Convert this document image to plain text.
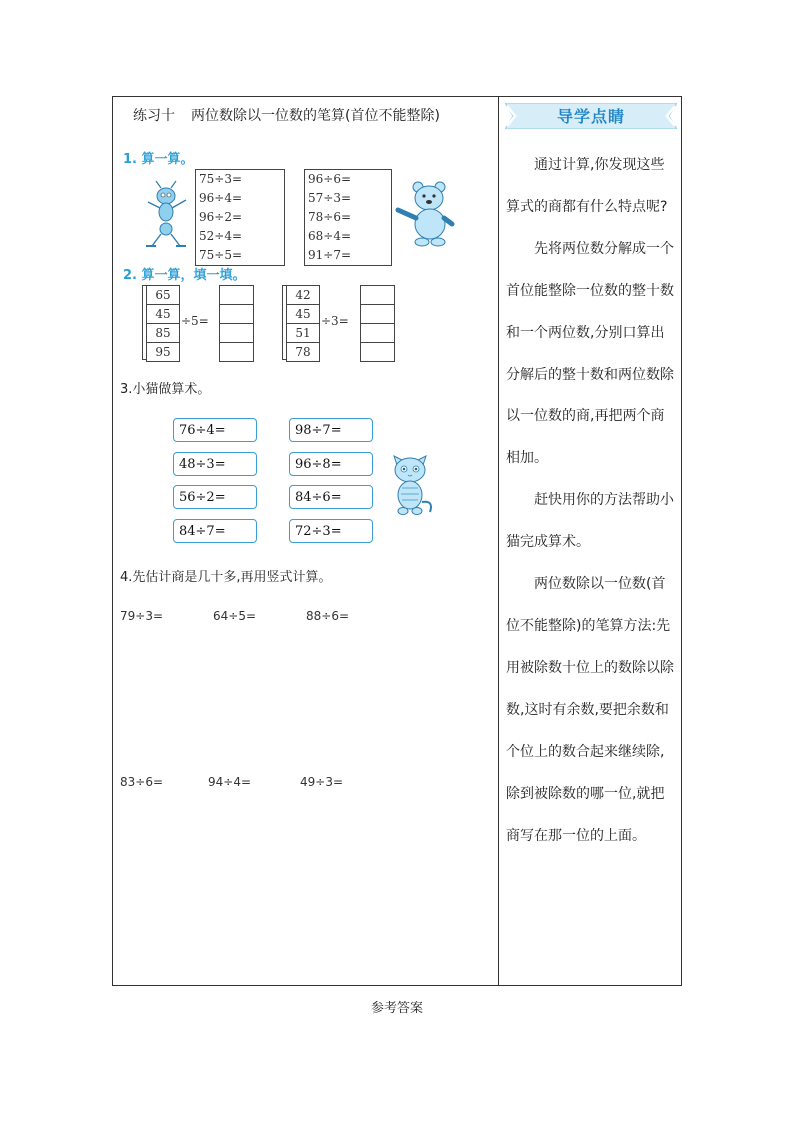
练习十 两位数除以一位数的笔算(首位不能整除)
1. 算一算。
75÷3=
96÷4=
96÷2=
52÷4=
75÷5=
96÷6=
57÷3=
78÷6=
68÷4=
91÷7=
2. 算一算，填一填。
65
45
85
95
÷5=
42
45
51
78
÷3=
3.小猫做算术。
76÷4=	98÷7=
48÷3=	96÷8=
56÷2=	84÷6=
84÷7=	72÷3=
4.先估计商是几十多,再用竖式计算。
79÷3=	64÷5=	88÷6=
83÷6=	94÷4=	49÷3=
导学点睛

通过计算,你发现这些算式的商都有什么特点呢?

先将两位数分解成一个首位能整除一位数的整十数和一个两位数,分别口算出分解后的整十数和两位数除以一位数的商,再把两个商相加。

赶快用你的方法帮助小猫完成算术。

两位数除以一位数(首位不能整除)的笔算方法:先用被除数十位上的数除以除数,这时有余数,要把余数和个位上的数合起来继续除,除到被除数的哪一位,就把商写在那一位的上面。

参考答案
